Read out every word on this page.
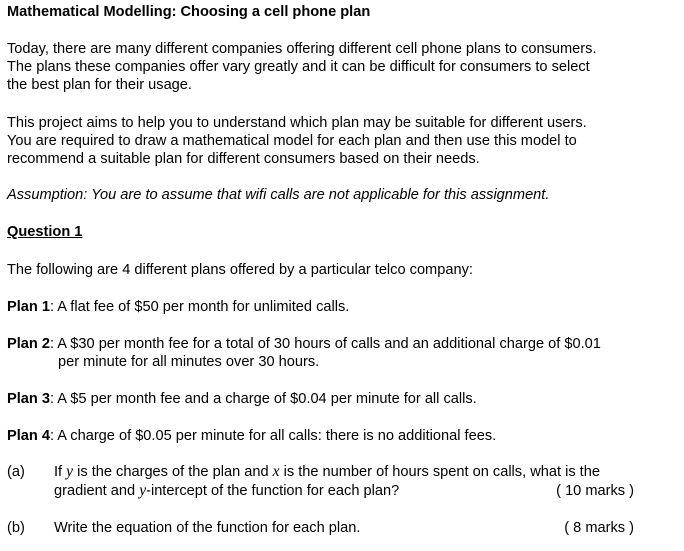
Mathematical Modelling: Choosing a cell phone plan
Today, there are many different companies offering different cell phone plans to consumers.
The plans these companies offer vary greatly and it can be difficult for consumers to select
the best plan for their usage.
This project aims to help you to understand which plan may be suitable for different users.
You are required to draw a mathematical model for each plan and then use this model to
recommend a suitable plan for different consumers based on their needs.
Assumption: You are to assume that wifi calls are not applicable for this assignment.
Question 1
The following are 4 different plans offered by a particular telco company:
Plan 1: A flat fee of $50 per month for unlimited calls.
Plan 2: A $30 per month fee for a total of 30 hours of calls and an additional charge of $0.01
per minute for all minutes over 30 hours.
Plan 3: A $5 per month fee and a charge of $0.04 per minute for all calls.
Plan 4: A charge of $0.05 per minute for all calls: there is no additional fees.
(a) If y is the charges of the plan and x is the number of hours spent on calls, what is the
gradient and y-intercept of the function for each plan?	( 10 marks )
(b) Write the equation of the function for each plan.	( 8 marks )
